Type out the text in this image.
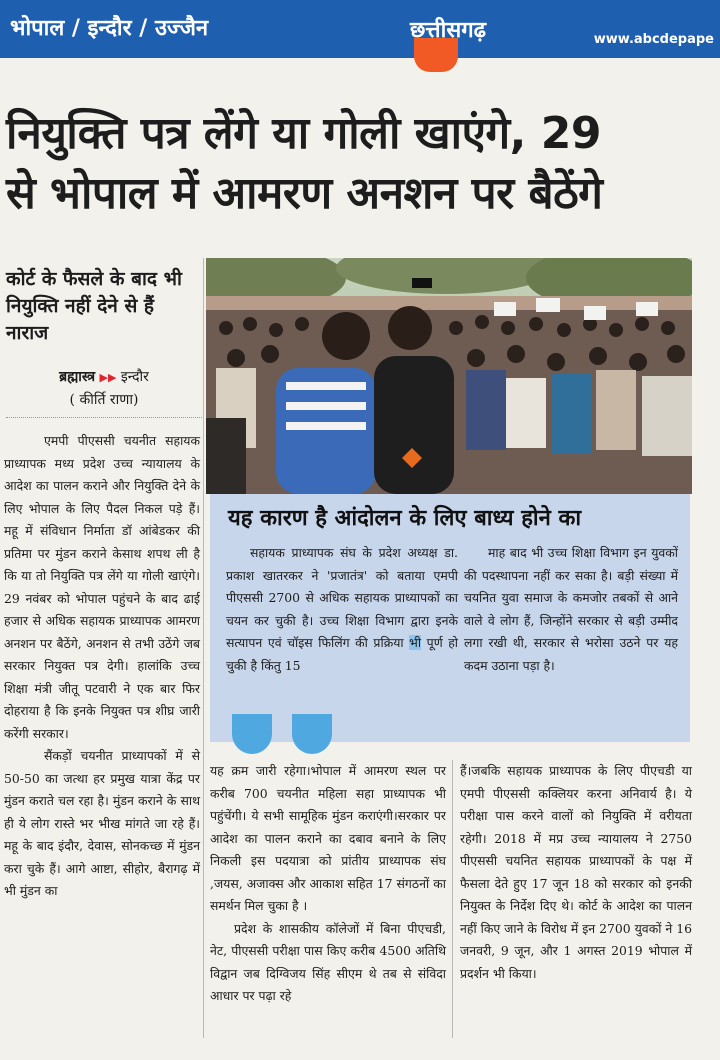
भोपाल / इन्दौर / उज्जैन	छत्तीसगढ़	www.abcdepape
नियुक्ति पत्र लेंगे या गोली खाएंगे, 29
से भोपाल में आमरण अनशन पर बैठेंगे
कोर्ट के फैसले के बाद भी नियुक्ति नहीं देने से हैं नाराज
ब्रह्मास्त्र ▶▶ इन्दौर
( कीर्ति राणा)

एमपी पीएससी चयनीत सहायक प्राध्यापक मध्य प्रदेश उच्च न्यायालय के आदेश का पालन कराने और नियुक्ति देने के लिए भोपाल के लिए पैदल निकल पड़े हैं। महू में संविधान निर्माता डॉ आंबेडकर की प्रतिमा पर मुंडन कराने केसाथ शपथ ली है कि या तो नियुक्ति पत्र लेंगे या गोली खाएंगे।29 नवंबर को भोपाल पहुंचने के बाद ढाई हजार से अधिक सहायक प्राध्यापक आमरण अनशन पर बैठेंगे, अनशन से तभी उठेंगे जब सरकार नियुक्त पत्र देगी। हालांकि उच्च शिक्षा मंत्री जीतू पटवारी ने एक बार फिर दोहराया है कि इनके नियुक्त पत्र शीघ्र जारी करेंगी सरकार।

सैंकड़ों चयनीत प्राध्यापकों में से 50-50 का जत्था हर प्रमुख यात्रा केंद्र पर मुंडन कराते चल रहा है। मुंडन कराने के साथ ही ये लोग रास्ते भर भीख मांगते जा रहे हैं। महू के बाद इंदौर, देवास, सोनकच्छ में मुंडन करा चुके हैं। आगे आष्टा, सीहोर, बैरागढ़ में भी मुंडन का

यह कारण है आंदोलन के लिए बाध्य होने का

सहायक प्राध्यापक संघ के प्रदेश अध्यक्ष डा. प्रकाश खातरकर ने 'प्रजातंत्र' को बताया एमपी पीएससी 2700 से अधिक सहायक प्राध्यापकों का चयन कर चुकी है। उच्च शिक्षा विभाग द्वारा इनके सत्यापन एवं चॉइस फिलिंग की प्रक्रिया भी पूर्ण हो चुकी है किंतु 15

माह बाद भी उच्च शिक्षा विभाग इन युवकों की पदस्थापना नहीं कर सका है। बड़ी संख्या में चयनित युवा समाज के कमजोर तबकों से आने वाले वे लोग हैं, जिन्होंने सरकार से बड़ी उम्मीद लगा रखी थी, सरकार से भरोसा उठने पर यह कदम उठाना पड़ा है।

यह क्रम जारी रहेगा।भोपाल में आमरण स्थल पर करीब 700 चयनीत महिला सहा प्राध्यापक भी पहुंचेंगी। ये सभी सामूहिक मुंडन कराएंगी।सरकार पर आदेश का पालन कराने का दबाव बनाने के लिए निकली इस पदयात्रा को प्रांतीय प्राध्यापक संघ ,जयस, अजाक्स और आकाश सहित 17 संगठनों का समर्थन मिल चुका है ।

प्रदेश के शासकीय कॉलेजों में बिना पीएचडी, नेट, पीएससी परीक्षा पास किए करीब 4500 अतिथि विद्वान जब दिग्विजय सिंह सीएम थे तब से संविदा आधार पर पढ़ा रहे

हैं।जबकि सहायक प्राध्यापक के लिए पीएचडी या एमपी पीएससी कक्लियर करना अनिवार्य है। ये परीक्षा पास करने वालों को नियुक्ति में वरीयता रहेगी। 2018 में मप्र उच्च न्यायालय ने 2750 पीएससी चयनित सहायक प्राध्यापकों के पक्ष में फैसला देते हुए 17 जून 18 को सरकार को इनकी नियुक्त के निर्देश दिए थे। कोर्ट के आदेश का पालन नहीं किए जाने के विरोध में इन 2700 युवकों ने 16 जनवरी, 9 जून, और 1 अगस्त 2019 भोपाल में प्रदर्शन भी किया।
